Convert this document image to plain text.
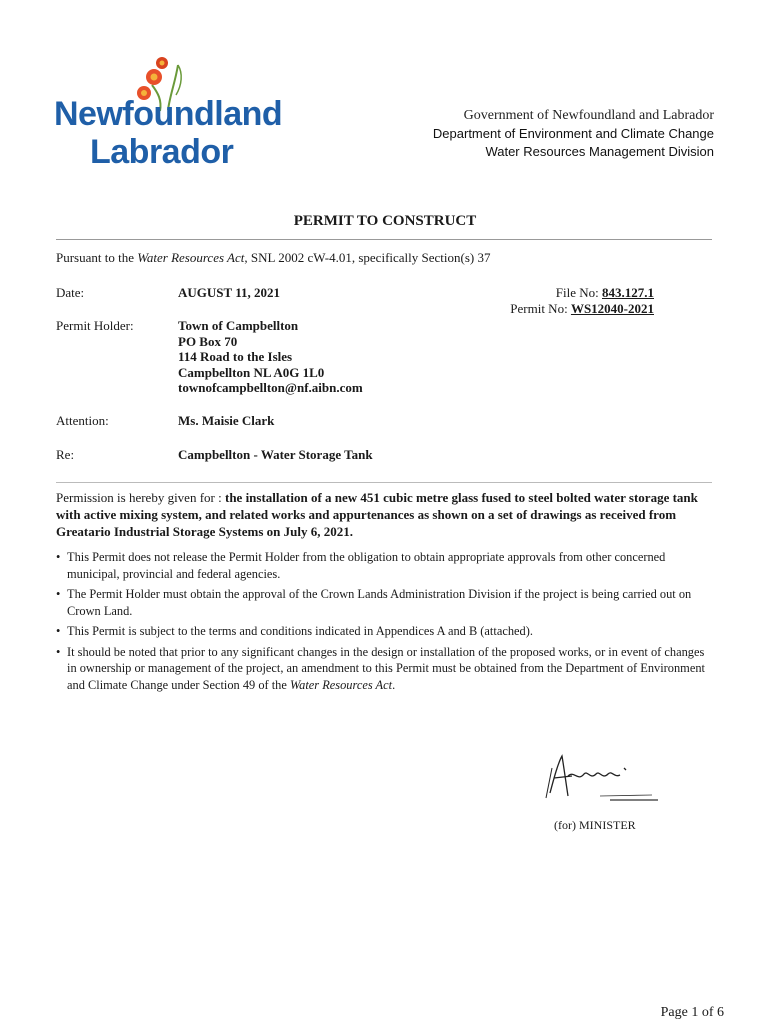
Newfoundland
Labrador
Government of Newfoundland and Labrador
Department of Environment and Climate Change
Water Resources Management Division
PERMIT TO CONSTRUCT
Pursuant to the Water Resources Act, SNL 2002 cW-4.01, specifically Section(s) 37
Date:	AUGUST 11, 2021	File No: 843.127.1
Permit No: WS12040-2021
Permit Holder:	Town of Campbellton
PO Box 70
114 Road to the Isles
Campbellton NL A0G 1L0
townofcampbellton@nf.aibn.com
Attention:	Ms. Maisie Clark
Re:	Campbellton - Water Storage Tank
Permission is hereby given for : the installation of a new 451 cubic metre glass fused to steel bolted water storage tank with active mixing system, and related works and appurtenances as shown on a set of drawings as received from Greatario Industrial Storage Systems on July 6, 2021.
• This Permit does not release the Permit Holder from the obligation to obtain appropriate approvals from other concerned municipal, provincial and federal agencies.
• The Permit Holder must obtain the approval of the Crown Lands Administration Division if the project is being carried out on Crown Land.
• This Permit is subject to the terms and conditions indicated in Appendices A and B (attached).
• It should be noted that prior to any significant changes in the design or installation of the proposed works, or in event of changes in ownership or management of the project, an amendment to this Permit must be obtained from the Department of Environment and Climate Change under Section 49 of the Water Resources Act.
(for) MINISTER
Page 1 of 6
